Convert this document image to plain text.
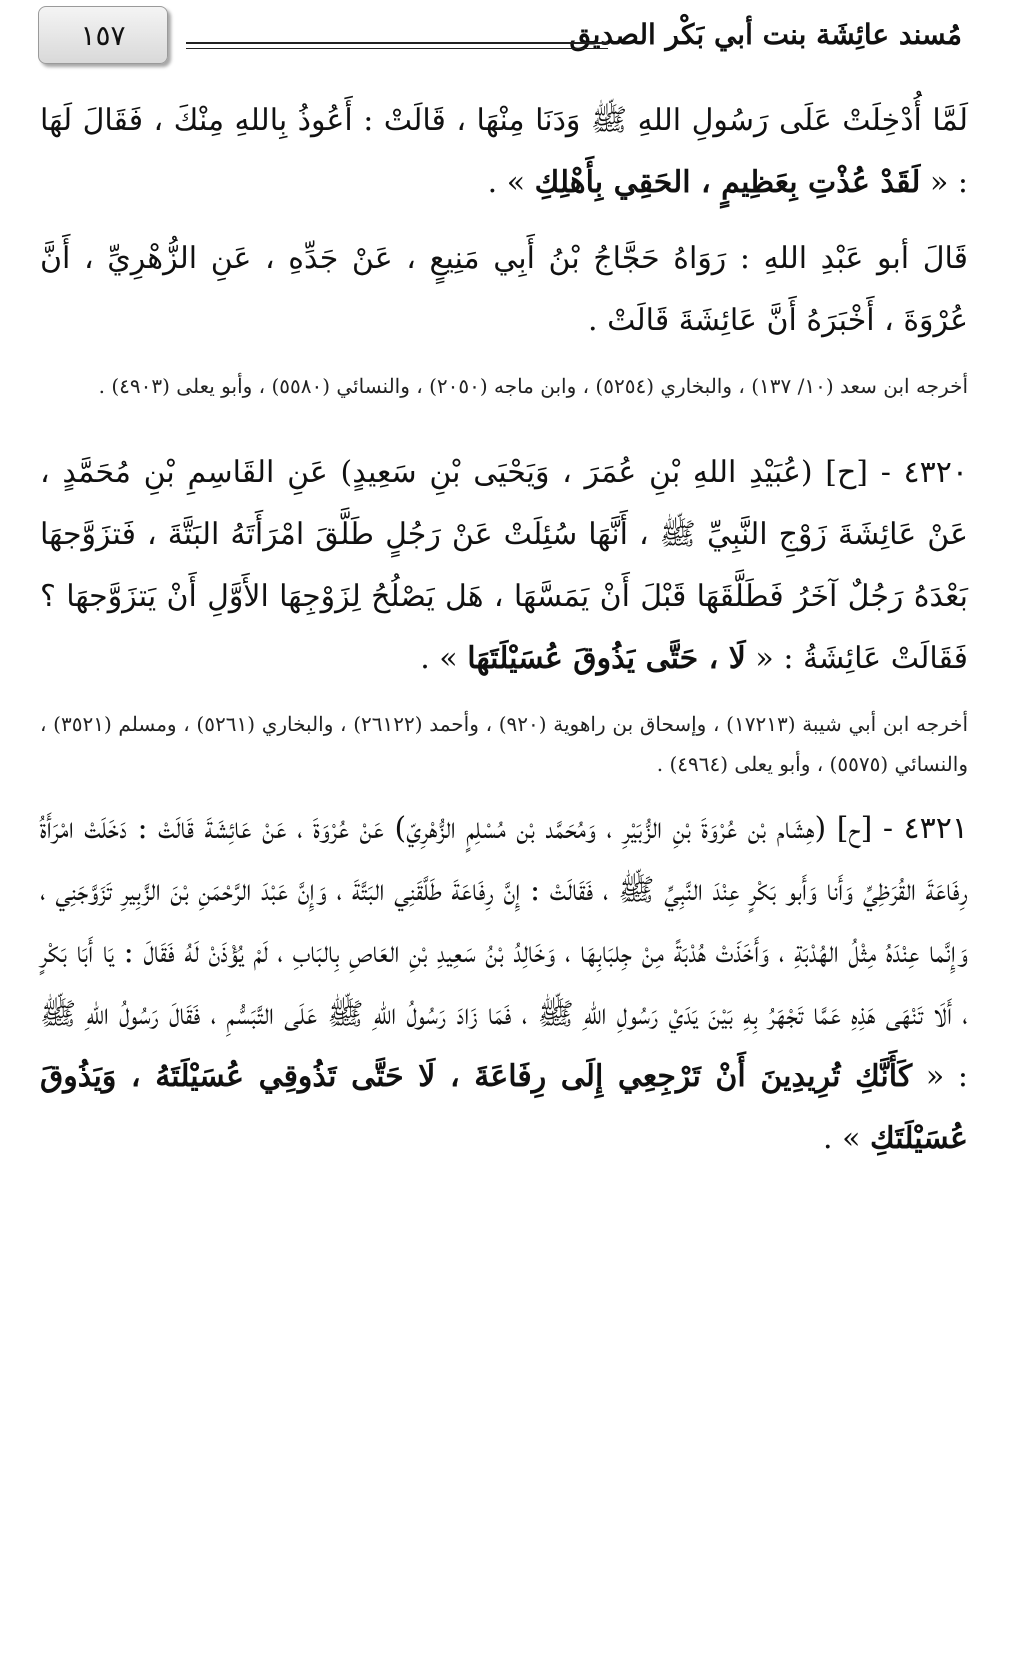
مُسند عائِشَة بنت أبي بَكْر الصديق
١٥٧

لَمَّا أُدْخِلَتْ عَلَى رَسُولِ اللهِ ﷺ وَدَنَا مِنْهَا ، قَالَتْ : أَعُوذُ بِاللهِ مِنْكَ ، فَقَالَ لَهَا : « لَقَدْ عُذْتِ بِعَظِيمٍ ، الحَقِي بِأَهْلِكِ » .

قَالَ أبو عَبْدِ اللهِ : رَوَاهُ حَجَّاجُ بْنُ أَبِي مَنِيعٍ ، عَنْ جَدِّهِ ، عَنِ الزُّهْرِيِّ ، أَنَّ عُرْوَةَ ، أَخْبَرَهُ أَنَّ عَائِشَةَ قَالَتْ .

أخرجه ابن سعد (١٠/ ١٣٧) ، والبخاري (٥٢٥٤) ، وابن ماجه (٢٠٥٠) ، والنسائي (٥٥٨٠) ، وأبو يعلى (٤٩٠٣) .

٤٣٢٠ - [ح] (عُبَيْدِ اللهِ بْنِ عُمَرَ ، وَيَحْيَى بْنِ سَعِيدٍ) عَنِ القَاسِمِ بْنِ مُحَمَّدٍ ، عَنْ عَائِشَةَ زَوْجِ النَّبِيِّ ﷺ ، أَنَّهَا سُئِلَتْ عَنْ رَجُلٍ طَلَّقَ امْرَأَتَهُ البَتَّةَ ، فَتزَوَّجهَا بَعْدَهُ رَجُلٌ آخَرُ فَطَلَّقَهَا قَبْلَ أَنْ يَمَسَّهَا ، هَل يَصْلُحُ لِزَوْجِهَا الأَوَّلِ أَنْ يَتزَوَّجهَا ؟ فَقَالَتْ عَائِشَةُ : « لَا ، حَتَّى يَذُوقَ عُسَيْلَتَهَا » .

أخرجه ابن أبي شيبة (١٧٢١٣) ، وإسحاق بن راهوية (٩٢٠) ، وأحمد (٢٦١٢٢) ، والبخاري (٥٢٦١) ، ومسلم (٣٥٢١) ، والنسائي (٥٥٧٥) ، وأبو يعلى (٤٩٦٤) .

٤٣٢١ - [ح] (هِشَام بْن عُرْوَةَ بْنِ الزُّبَيْرِ ، وَمُحَمَّد بْن مُسْلِمٍ الزُّهْرِيّ) عَنْ عُرْوَةَ ، عَنْ عَائِشَةَ قَالَتْ : دَخَلَتْ امْرَأَةُ رِفَاعَةَ القُرَظِيِّ وَأَنا وَأَبو بَكْرٍ عِنْدَ النَّبِيِّ ﷺ ، فَقَالَتْ : إِنَّ رِفَاعَةَ طَلَّقَنِي البَتَّةَ ، وَإِنَّ عَبْدَ الرَّحْمَنِ بْنَ الزَّبِيرِ تَزَوَّجَنِي ، وَإِنَّما عِنْدَهُ مِثْلُ الهُدْبَةِ ، وَأَخَذَتْ هُدْبَةً مِنْ جِلبَابِهَا ، وَخَالِدُ بْنُ سَعِيدِ بْنِ العَاصِ بِالبَابِ ، لَمْ يُؤْذَنْ لَهُ فَقَالَ : يَا أَبَا بَكْرٍ ، أَلَا تَنْهَى هَذِهِ عَمَّا تَجْهَرُ بِهِ بَيْنَ يَدَيْ رَسُولِ اللهِ ﷺ ، فَمَا زَادَ رَسُولُ اللهِ ﷺ عَلَى التَّبَسُّمِ ، فَقَالَ رَسُولُ اللهِ ﷺ : « كَأَنَّكِ تُرِيدِينَ أَنْ تَرْجِعِي إِلَى رِفَاعَةَ ، لَا حَتَّى تَذُوقِي عُسَيْلَتَهُ ، وَيَذُوقَ عُسَيْلَتَكِ » .
